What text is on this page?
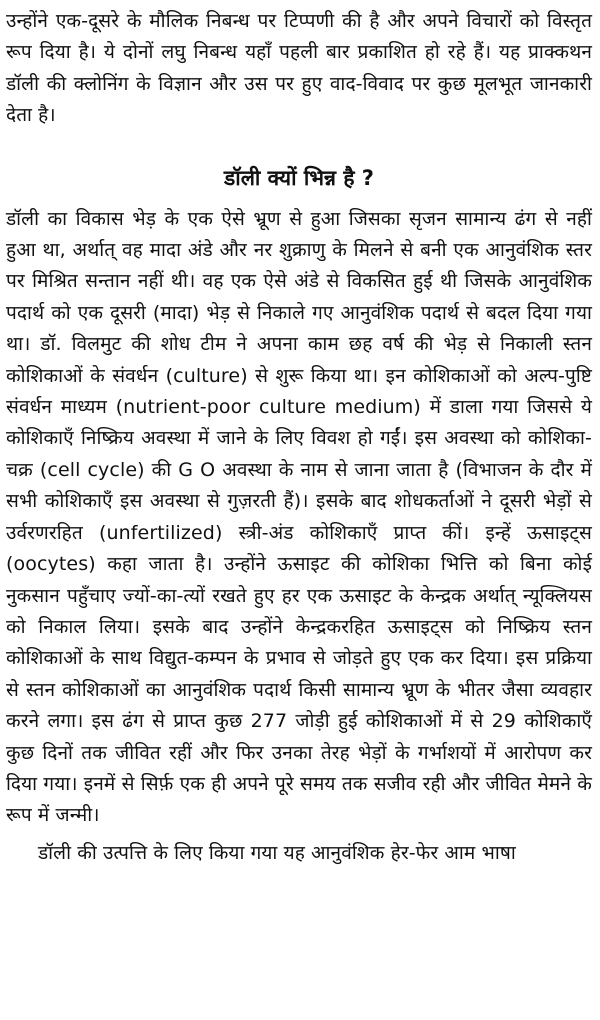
उन्होंने एक-दूसरे के मौलिक निबन्ध पर टिप्पणी की है और अपने विचारों को विस्तृत रूप दिया है। ये दोनों लघु निबन्ध यहाँ पहली बार प्रकाशित हो रहे हैं। यह प्राक्कथन डॉली की क्लोनिंग के विज्ञान और उस पर हुए वाद-विवाद पर कुछ मूलभूत जानकारी देता है।

डॉली क्यों भिन्न है ?

डॉली का विकास भेड़ के एक ऐसे भ्रूण से हुआ जिसका सृजन सामान्य ढंग से नहीं हुआ था, अर्थात् वह मादा अंडे और नर शुक्राणु के मिलने से बनी एक आनुवंशिक स्तर पर मिश्रित सन्तान नहीं थी। वह एक ऐसे अंडे से विकसित हुई थी जिसके आनुवंशिक पदार्थ को एक दूसरी (मादा) भेड़ से निकाले गए आनुवंशिक पदार्थ से बदल दिया गया था। डॉ. विलमुट की शोध टीम ने अपना काम छह वर्ष की भेड़ से निकाली स्तन कोशिकाओं के संवर्धन (culture) से शुरू किया था। इन कोशिकाओं को अल्प-पुष्टि संवर्धन माध्यम (nutrient-poor culture medium) में डाला गया जिससे ये कोशिकाएँ निष्क्रिय अवस्था में जाने के लिए विवश हो गईं। इस अवस्था को कोशिका-चक्र (cell cycle) की G O अवस्था के नाम से जाना जाता है (विभाजन के दौर में सभी कोशिकाएँ इस अवस्था से गुज़रती हैं)। इसके बाद शोधकर्ताओं ने दूसरी भेड़ों से उर्वरणरहित (unfertilized) स्त्री-अंड कोशिकाएँ प्राप्त कीं। इन्हें ऊसाइट्स (oocytes) कहा जाता है। उन्होंने ऊसाइट की कोशिका भित्ति को बिना कोई नुकसान पहुँचाए ज्यों-का-त्यों रखते हुए हर एक ऊसाइट के केन्द्रक अर्थात् न्यूक्लियस को निकाल लिया। इसके बाद उन्होंने केन्द्रकरहित ऊसाइट्स को निष्क्रिय स्तन कोशिकाओं के साथ विद्युत-कम्पन के प्रभाव से जोड़ते हुए एक कर दिया। इस प्रक्रिया से स्तन कोशिकाओं का आनुवंशिक पदार्थ किसी सामान्य भ्रूण के भीतर जैसा व्यवहार करने लगा। इस ढंग से प्राप्त कुछ 277 जोड़ी हुई कोशिकाओं में से 29 कोशिकाएँ कुछ दिनों तक जीवित रहीं और फिर उनका तेरह भेड़ों के गर्भाशयों में आरोपण कर दिया गया। इनमें से सिर्फ़ एक ही अपने पूरे समय तक सजीव रही और जीवित मेमने के रूप में जन्मी।

डॉली की उत्पत्ति के लिए किया गया यह आनुवंशिक हेर-फेर आम भाषा
